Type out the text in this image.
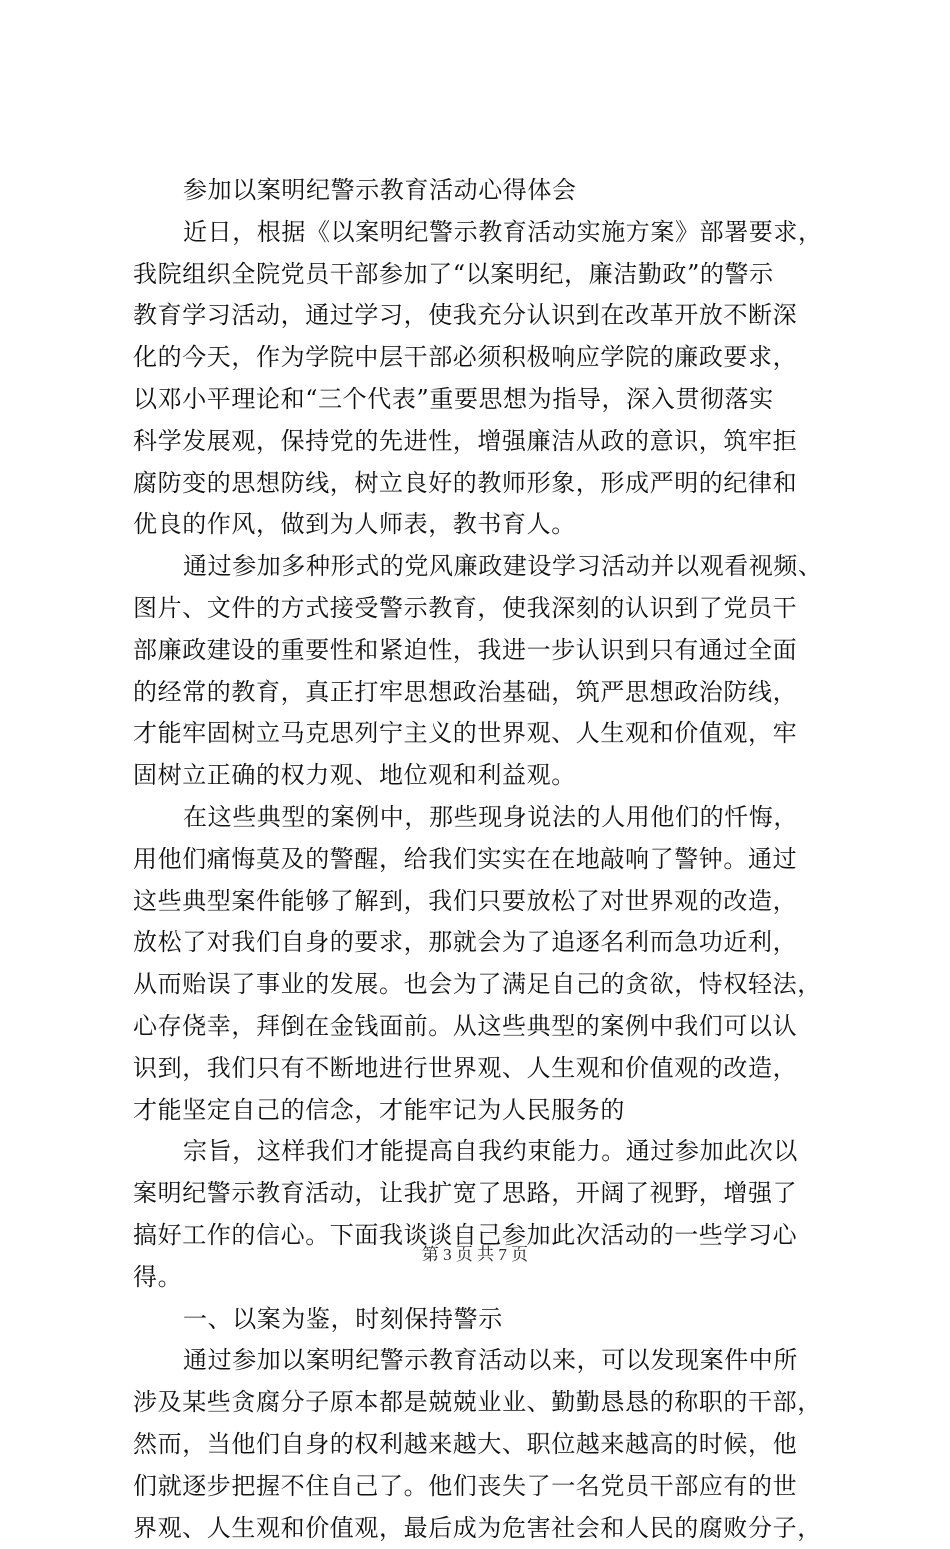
参加以案明纪警示教育活动心得体会
近日，根据《以案明纪警示教育活动实施方案》部署要求，
我院组织全院党员干部参加了“以案明纪，廉洁勤政”的警示
教育学习活动，通过学习，使我充分认识到在改革开放不断深
化的今天，作为学院中层干部必须积极响应学院的廉政要求，
以邓小平理论和“三个代表”重要思想为指导，深入贯彻落实
科学发展观，保持党的先进性，增强廉洁从政的意识，筑牢拒
腐防变的思想防线，树立良好的教师形象，形成严明的纪律和
优良的作风，做到为人师表，教书育人。
通过参加多种形式的党风廉政建设学习活动并以观看视频、
图片、文件的方式接受警示教育，使我深刻的认识到了党员干
部廉政建设的重要性和紧迫性，我进一步认识到只有通过全面
的经常的教育，真正打牢思想政治基础，筑严思想政治防线，
才能牢固树立马克思列宁主义的世界观、人生观和价值观，牢
固树立正确的权力观、地位观和利益观。
在这些典型的案例中，那些现身说法的人用他们的忏悔，
用他们痛悔莫及的警醒，给我们实实在在地敲响了警钟。通过
这些典型案件能够了解到，我们只要放松了对世界观的改造，
放松了对我们自身的要求，那就会为了追逐名利而急功近利，
从而贻误了事业的发展。也会为了满足自己的贪欲，恃权轻法，
心存侥幸，拜倒在金钱面前。从这些典型的案例中我们可以认
识到，我们只有不断地进行世界观、人生观和价值观的改造，
才能坚定自己的信念，才能牢记为人民服务的
宗旨，这样我们才能提高自我约束能力。通过参加此次以
案明纪警示教育活动，让我扩宽了思路，开阔了视野，增强了
搞好工作的信心。下面我谈谈自己参加此次活动的一些学习心
得。
一、以案为鉴，时刻保持警示
通过参加以案明纪警示教育活动以来，可以发现案件中所
涉及某些贪腐分子原本都是兢兢业业、勤勤恳恳的称职的干部，
然而，当他们自身的权利越来越大、职位越来越高的时候，他
们就逐步把握不住自己了。他们丧失了一名党员干部应有的世
界观、人生观和价值观，最后成为危害社会和人民的腐败分子，
第 3 页 共 7 页
